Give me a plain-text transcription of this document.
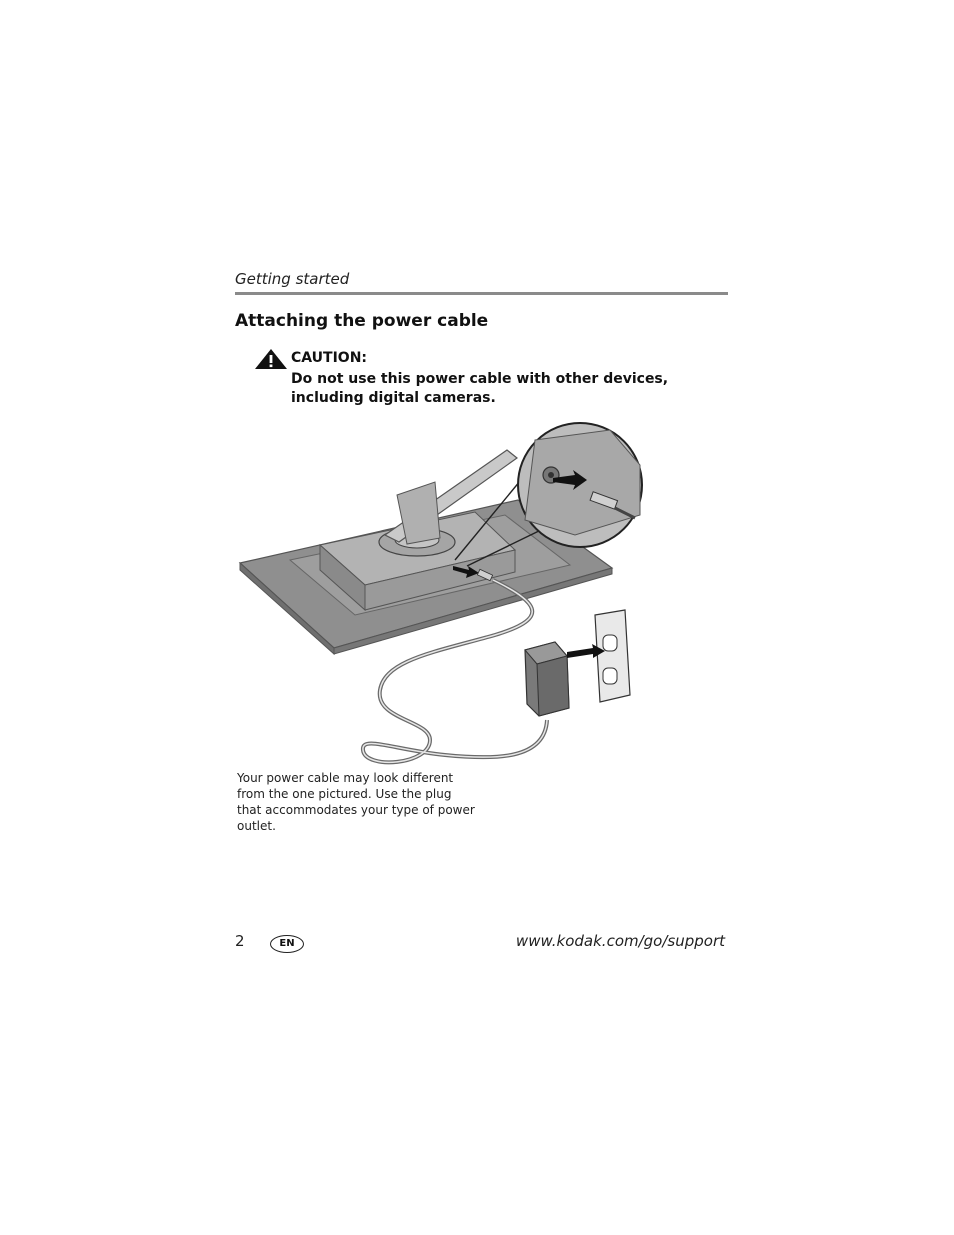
Getting started
Attaching the power cable
CAUTION:
Do not use this power cable with other devices, including digital cameras.
Your power cable may look different from the one pictured. Use the plug that accommodates your type of power outlet.
2	EN	www.kodak.com/go/support
